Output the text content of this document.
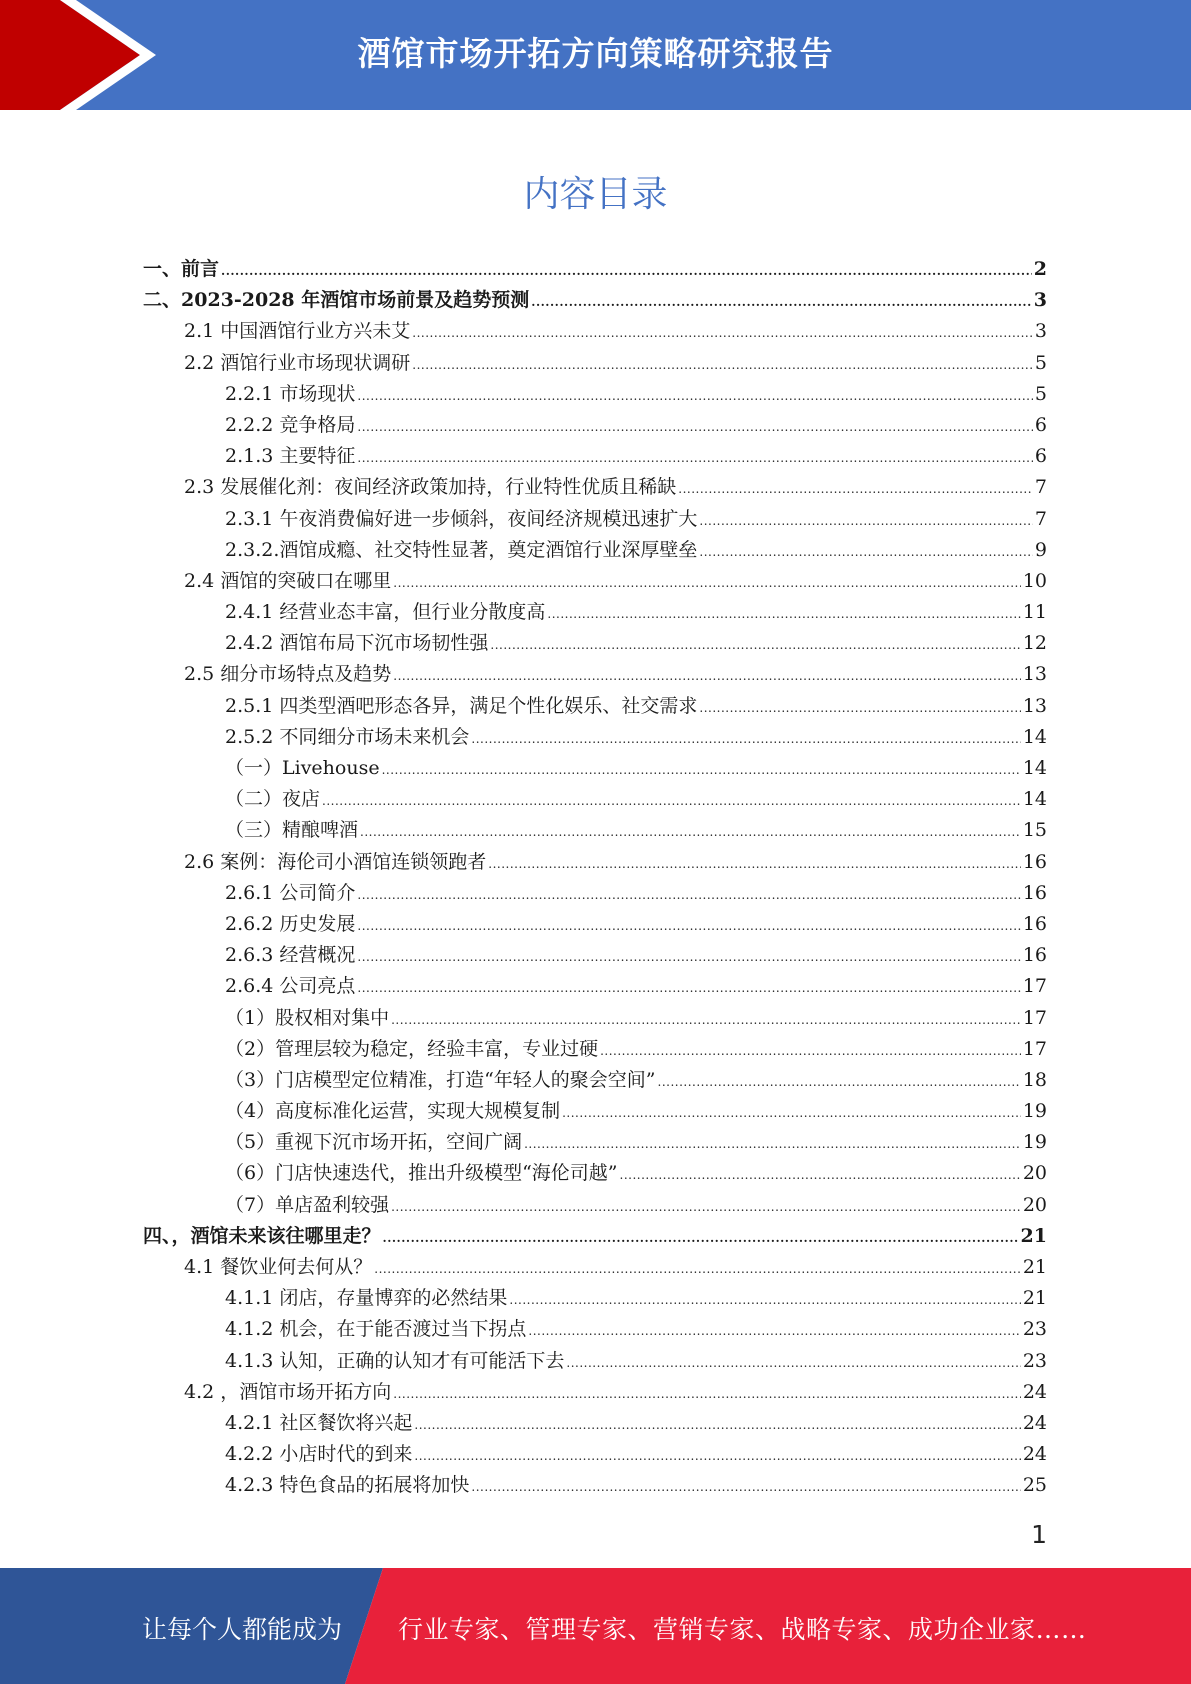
酒馆市场开拓方向策略研究报告
内容目录
一、前言 .....	2
二、2023-2028 年酒馆市场前景及趋势预测 .....	3
2.1 中国酒馆行业方兴未艾 .....	3
2.2 酒馆行业市场现状调研 .....	5
2.2.1 市场现状 .....	5
2.2.2 竞争格局 .....	6
2.1.3 主要特征 .....	6
2.3 发展催化剂：夜间经济政策加持，行业特性优质且稀缺 .....	7
2.3.1 午夜消费偏好进一步倾斜，夜间经济规模迅速扩大 .....	7
2.3.2.酒馆成瘾、社交特性显著，奠定酒馆行业深厚壁垒 .....	9
2.4 酒馆的突破口在哪里 .....	10
2.4.1 经营业态丰富，但行业分散度高 .....	11
2.4.2 酒馆布局下沉市场韧性强 .....	12
2.5 细分市场特点及趋势 .....	13
2.5.1 四类型酒吧形态各异，满足个性化娱乐、社交需求 .....	13
2.5.2 不同细分市场未来机会 .....	14
（一）Livehouse .....	14
（二）夜店 .....	14
（三）精酿啤酒 .....	15
2.6 案例：海伦司小酒馆连锁领跑者 .....	16
2.6.1 公司简介 .....	16
2.6.2 历史发展 .....	16
2.6.3 经营概况 .....	16
2.6.4 公司亮点 .....	17
（1）股权相对集中 .....	17
（2）管理层较为稳定，经验丰富，专业过硬 .....	17
（3）门店模型定位精准，打造“年轻人的聚会空间” .....	18
（4）高度标准化运营，实现大规模复制 .....	19
（5）重视下沉市场开拓，空间广阔 .....	19
（6）门店快速迭代，推出升级模型“海伦司越” .....	20
（7）单店盈利较强 .....	20
四、，酒馆未来该往哪里走？ .....	21
4.1 餐饮业何去何从？ .....	21
4.1.1 闭店，存量博弈的必然结果 .....	21
4.1.2 机会，在于能否渡过当下拐点 .....	23
4.1.3 认知，正确的认知才有可能活下去 .....	23
4.2 ，酒馆市场开拓方向 .....	24
4.2.1 社区餐饮将兴起 .....	24
4.2.2 小店时代的到来 .....	24
4.2.3 特色食品的拓展将加快 .....	25
1
让每个人都能成为 行业专家、管理专家、营销专家、战略专家、成功企业家……
